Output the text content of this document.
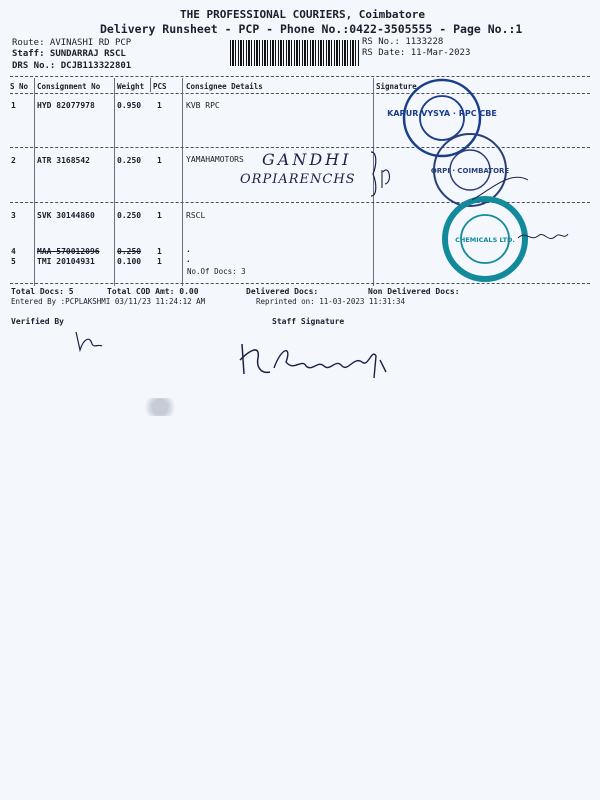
THE PROFESSIONAL COURIERS, Coimbatore
Delivery Runsheet - PCP - Phone No.:0422-3505555 - Page No.:1
Route: AVINASHI RD PCP
Staff: SUNDARRAJ RSCL
DRS No.: DCJB113322801
RS No.: 1133228
RS Date: 11-Mar-2023
S No Consignment No Weight PCS	Consignee Details	Signature
1	HYD 82077978	0.950 1	KVB RPC
2	ATR 3168542	0.250 1	YAMAHAMOTORS
3	SVK 30144860	0.250 1	RSCL
4	MAA 570012096 0.250 1	.
5	TMI 20104931	0.100 1	.
No.Of Docs: 3
GANDHI
ORPIARENCHS
KARUR VYSYA · RPC CBE
ORPI · COIMBATORE
CHEMICALS LTD.
Total Docs: 5	Total COD Amt: 0.00	Delivered Docs:	Non Delivered Docs:
Entered By :PCPLAKSHMI 03/11/23 11:24:12 AM	Reprinted on: 11-03-2023 11:31:34
Verified By	Staff Signature
